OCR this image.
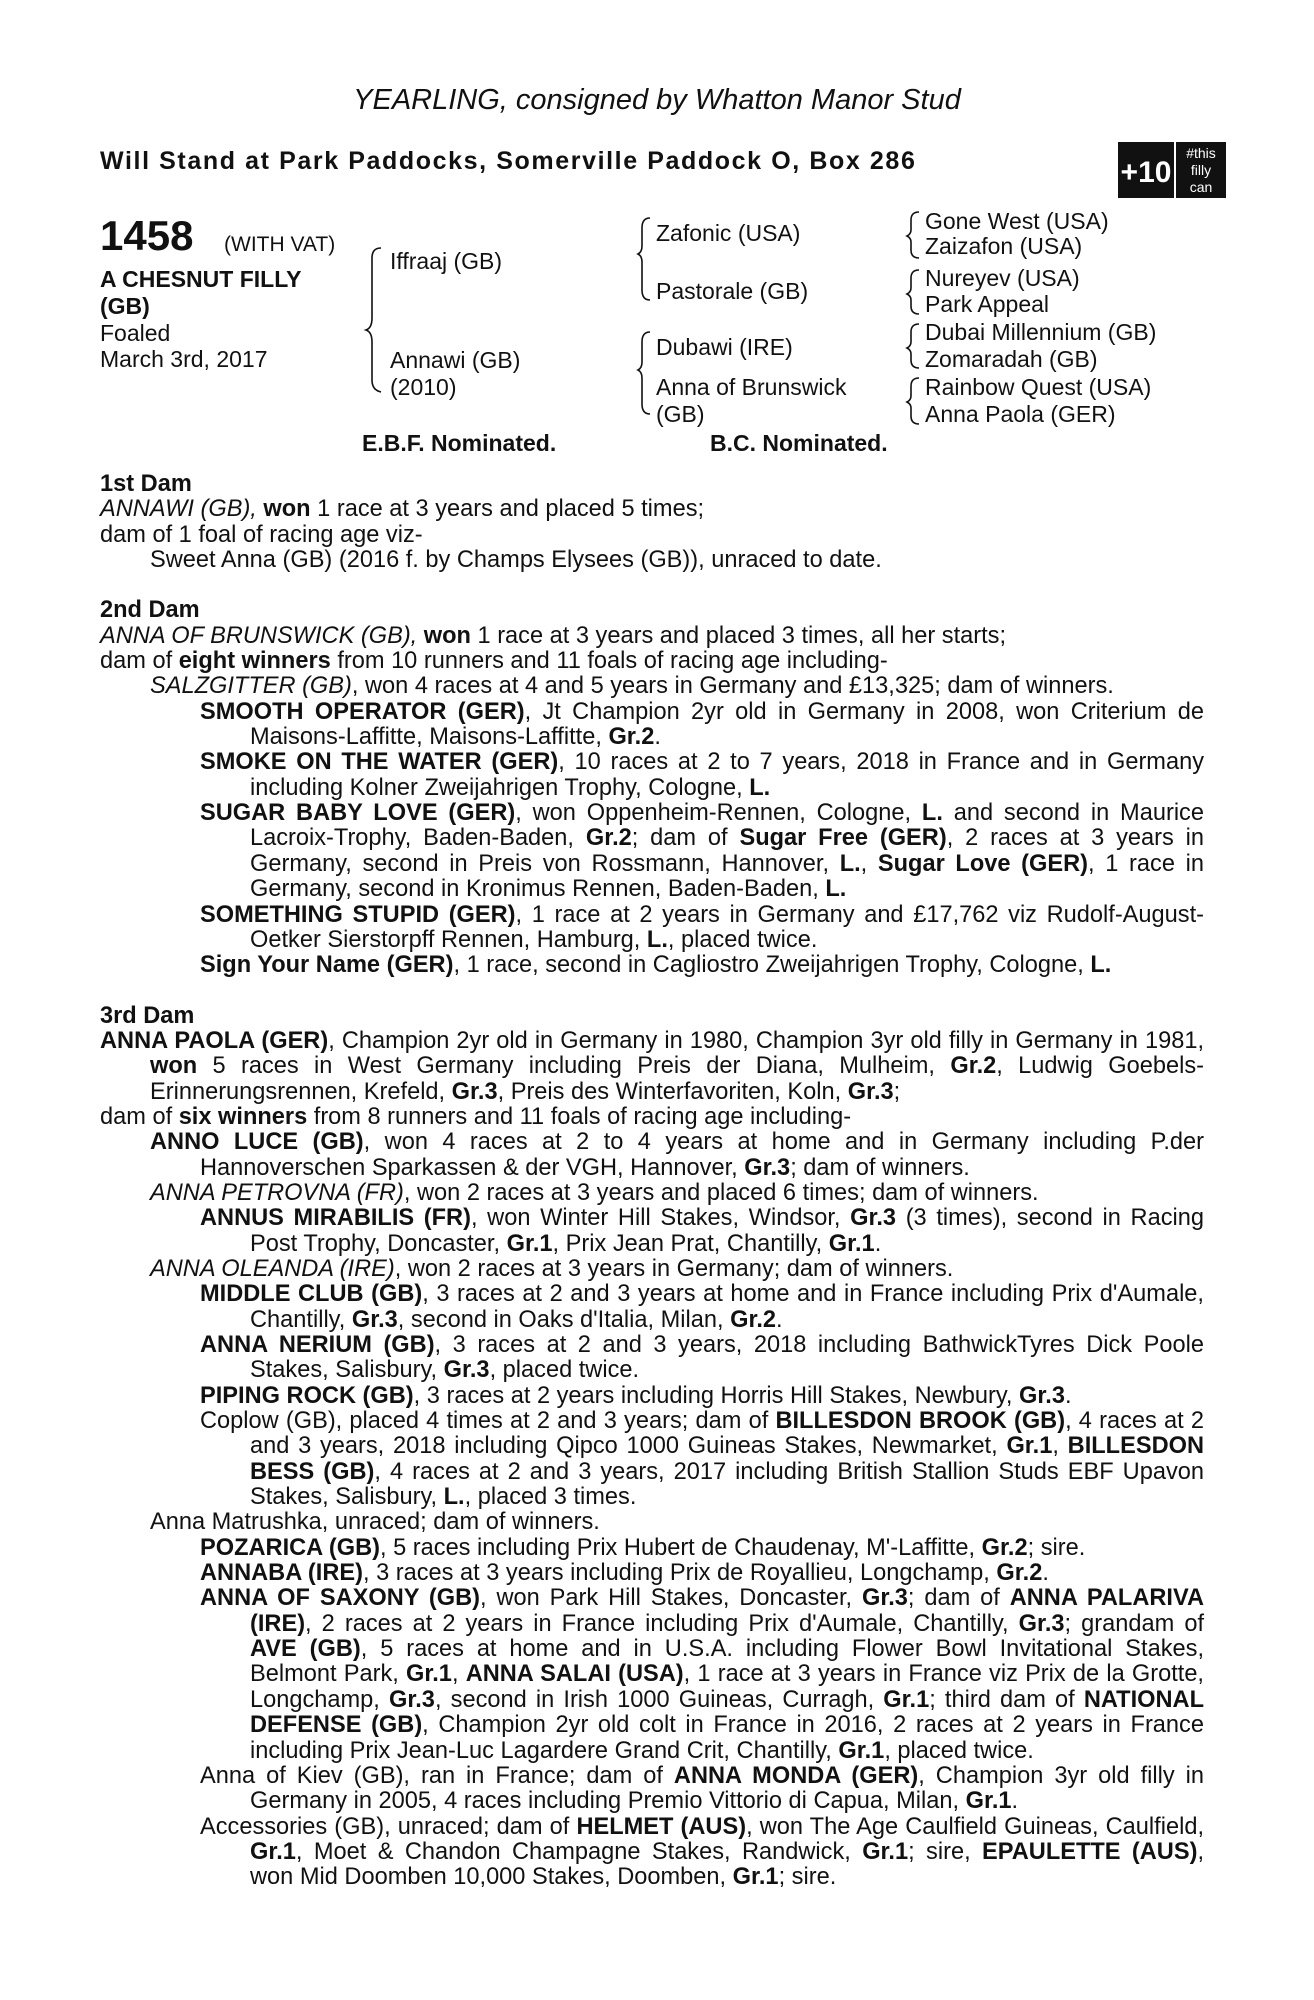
YEARLING, consigned by Whatton Manor Stud
Will Stand at Park Paddocks, Somerville Paddock O, Box 286	+10
#this
filly
can
1458 (WITH VAT)
A CHESNUT FILLY
(GB)
Foaled
March 3rd, 2017
Iffraaj (GB)
Annawi (GB)
(2010)
Zafonic (USA)
Pastorale (GB)
Dubawi (IRE)
Anna of Brunswick
(GB)
Gone West (USA)
Zaizafon (USA)
Nureyev (USA)
Park Appeal
Dubai Millennium (GB)
Zomaradah (GB)
Rainbow Quest (USA)
Anna Paola (GER)
E.B.F. Nominated.	B.C. Nominated.
1st Dam

ANNAWI (GB), won 1 race at 3 years and placed 5 times;

dam of 1 foal of racing age viz-

Sweet Anna (GB) (2016 f. by Champs Elysees (GB)), unraced to date.

2nd Dam

ANNA OF BRUNSWICK (GB), won 1 race at 3 years and placed 3 times, all her starts;

dam of eight winners from 10 runners and 11 foals of racing age including-

SALZGITTER (GB), won 4 races at 4 and 5 years in Germany and £13,325; dam of winners.

SMOOTH OPERATOR (GER), Jt Champion 2yr old in Germany in 2008, won Criterium de Maisons-Laffitte, Maisons-Laffitte, Gr.2.

SMOKE ON THE WATER (GER), 10 races at 2 to 7 years, 2018 in France and in Germany including Kolner Zweijahrigen Trophy, Cologne, L.

SUGAR BABY LOVE (GER), won Oppenheim-Rennen, Cologne, L. and second in Maurice Lacroix-Trophy, Baden-Baden, Gr.2; dam of Sugar Free (GER), 2 races at 3 years in Germany, second in Preis von Rossmann, Hannover, L., Sugar Love (GER), 1 race in Germany, second in Kronimus Rennen, Baden-Baden, L.

SOMETHING STUPID (GER), 1 race at 2 years in Germany and £17,762 viz Rudolf-August-Oetker Sierstorpff Rennen, Hamburg, L., placed twice.

Sign Your Name (GER), 1 race, second in Cagliostro Zweijahrigen Trophy, Cologne, L.

3rd Dam

ANNA PAOLA (GER), Champion 2yr old in Germany in 1980, Champion 3yr old filly in Germany in 1981, won 5 races in West Germany including Preis der Diana, Mulheim, Gr.2, Ludwig Goebels-Erinnerungsrennen, Krefeld, Gr.3, Preis des Winterfavoriten, Koln, Gr.3;

dam of six winners from 8 runners and 11 foals of racing age including-

ANNO LUCE (GB), won 4 races at 2 to 4 years at home and in Germany including P.der Hannoverschen Sparkassen & der VGH, Hannover, Gr.3; dam of winners.

ANNA PETROVNA (FR), won 2 races at 3 years and placed 6 times; dam of winners.

ANNUS MIRABILIS (FR), won Winter Hill Stakes, Windsor, Gr.3 (3 times), second in Racing Post Trophy, Doncaster, Gr.1, Prix Jean Prat, Chantilly, Gr.1.

ANNA OLEANDA (IRE), won 2 races at 3 years in Germany; dam of winners.

MIDDLE CLUB (GB), 3 races at 2 and 3 years at home and in France including Prix d'Aumale, Chantilly, Gr.3, second in Oaks d'Italia, Milan, Gr.2.

ANNA NERIUM (GB), 3 races at 2 and 3 years, 2018 including BathwickTyres Dick Poole Stakes, Salisbury, Gr.3, placed twice.

PIPING ROCK (GB), 3 races at 2 years including Horris Hill Stakes, Newbury, Gr.3.

Coplow (GB), placed 4 times at 2 and 3 years; dam of BILLESDON BROOK (GB), 4 races at 2 and 3 years, 2018 including Qipco 1000 Guineas Stakes, Newmarket, Gr.1, BILLESDON BESS (GB), 4 races at 2 and 3 years, 2017 including British Stallion Studs EBF Upavon Stakes, Salisbury, L., placed 3 times.

Anna Matrushka, unraced; dam of winners.

POZARICA (GB), 5 races including Prix Hubert de Chaudenay, M'-Laffitte, Gr.2; sire.

ANNABA (IRE), 3 races at 3 years including Prix de Royallieu, Longchamp, Gr.2.

ANNA OF SAXONY (GB), won Park Hill Stakes, Doncaster, Gr.3; dam of ANNA PALARIVA (IRE), 2 races at 2 years in France including Prix d'Aumale, Chantilly, Gr.3; grandam of AVE (GB), 5 races at home and in U.S.A. including Flower Bowl Invitational Stakes, Belmont Park, Gr.1, ANNA SALAI (USA), 1 race at 3 years in France viz Prix de la Grotte, Longchamp, Gr.3, second in Irish 1000 Guineas, Curragh, Gr.1; third dam of NATIONAL DEFENSE (GB), Champion 2yr old colt in France in 2016, 2 races at 2 years in France including Prix Jean-Luc Lagardere Grand Crit, Chantilly, Gr.1, placed twice.

Anna of Kiev (GB), ran in France; dam of ANNA MONDA (GER), Champion 3yr old filly in Germany in 2005, 4 races including Premio Vittorio di Capua, Milan, Gr.1.

Accessories (GB), unraced; dam of HELMET (AUS), won The Age Caulfield Guineas, Caulfield, Gr.1, Moet & Chandon Champagne Stakes, Randwick, Gr.1; sire, EPAULETTE (AUS), won Mid Doomben 10,000 Stakes, Doomben, Gr.1; sire.
